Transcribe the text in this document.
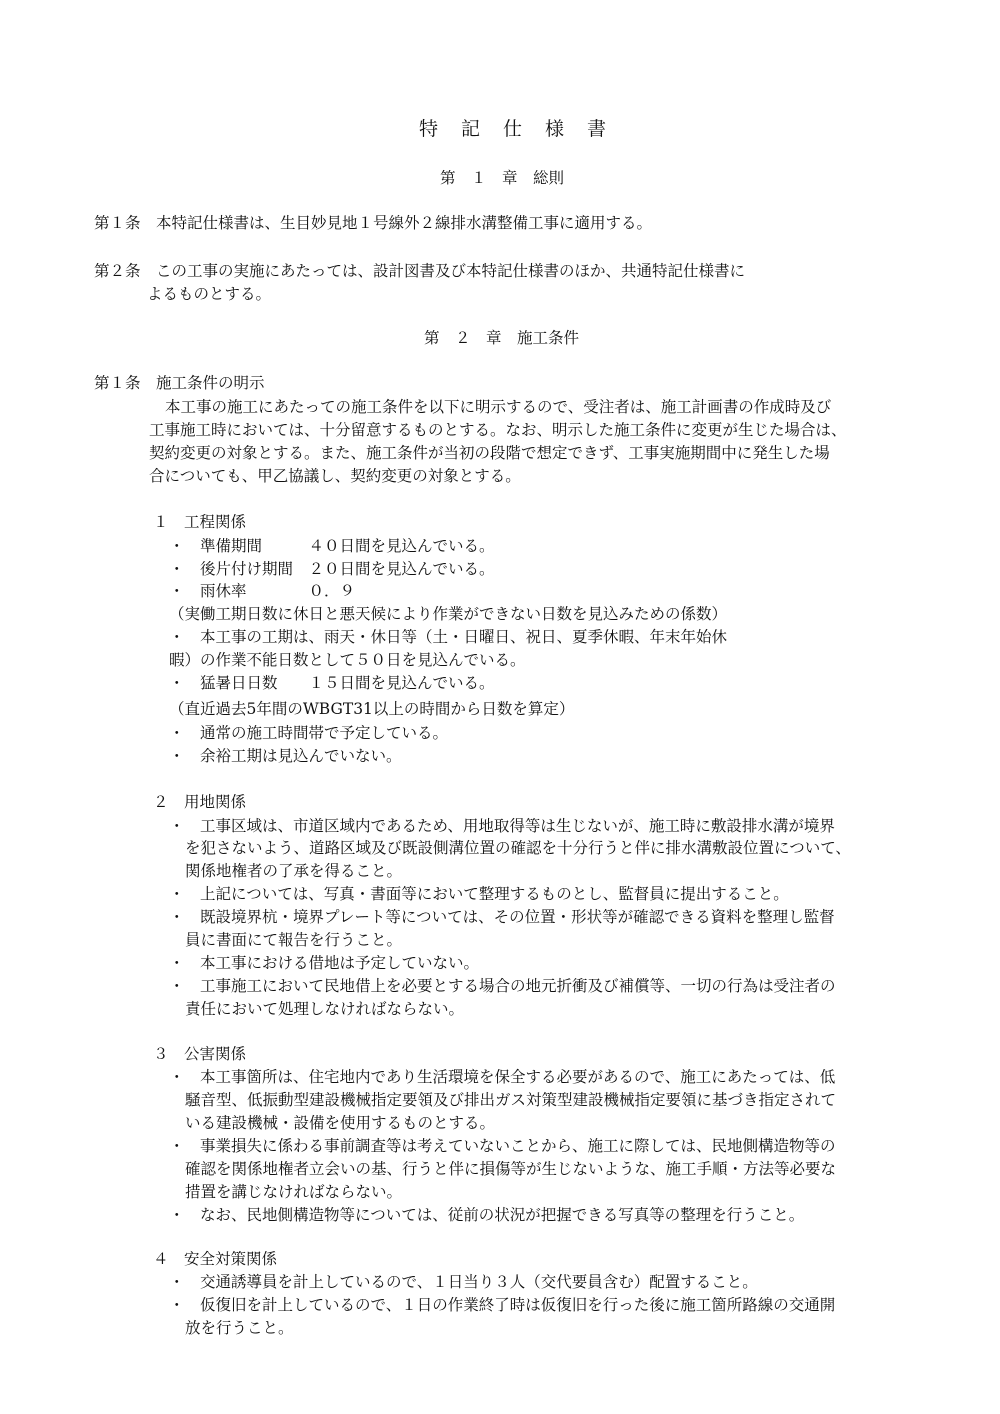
特　記　仕　様　書
第　１　章　総則
第１条　本特記仕様書は、生目妙見地１号線外２線排水溝整備工事に適用する。
第２条　この工事の実施にあたっては、設計図書及び本特記仕様書のほか、共通特記仕様書に
よるものとする。
第　２　章　施工条件
第１条　施工条件の明示
本工事の施工にあたっての施工条件を以下に明示するので、受注者は、施工計画書の作成時及び
工事施工時においては、十分留意するものとする。なお、明示した施工条件に変更が生じた場合は、
契約変更の対象とする。また、施工条件が当初の段階で想定できず、工事実施期間中に発生した場
合についても、甲乙協議し、契約変更の対象とする。
１　工程関係
・　準備期間　　　４０日間を見込んでいる。
・　後片付け期間　２０日間を見込んでいる。
・　雨休率　　　　０．９
（実働工期日数に休日と悪天候により作業ができない日数を見込みための係数）
・　本工事の工期は、雨天・休日等（土・日曜日、祝日、夏季休暇、年末年始休
暇）の作業不能日数として５０日を見込んでいる。
・　猛暑日日数　　１５日間を見込んでいる。
（直近過去5年間のWBGT31以上の時間から日数を算定）
・　通常の施工時間帯で予定している。
・　余裕工期は見込んでいない。
２　用地関係
・　工事区域は、市道区域内であるため、用地取得等は生じないが、施工時に敷設排水溝が境界
を犯さないよう、道路区域及び既設側溝位置の確認を十分行うと伴に排水溝敷設位置について、
関係地権者の了承を得ること。
・　上記については、写真・書面等において整理するものとし、監督員に提出すること。
・　既設境界杭・境界プレート等については、その位置・形状等が確認できる資料を整理し監督
員に書面にて報告を行うこと。
・　本工事における借地は予定していない。
・　工事施工において民地借上を必要とする場合の地元折衝及び補償等、一切の行為は受注者の
責任において処理しなければならない。
３　公害関係
・　本工事箇所は、住宅地内であり生活環境を保全する必要があるので、施工にあたっては、低
騒音型、低振動型建設機械指定要領及び排出ガス対策型建設機械指定要領に基づき指定されて
いる建設機械・設備を使用するものとする。
・　事業損失に係わる事前調査等は考えていないことから、施工に際しては、民地側構造物等の
確認を関係地権者立会いの基、行うと伴に損傷等が生じないような、施工手順・方法等必要な
措置を講じなければならない。
・　なお、民地側構造物等については、従前の状況が把握できる写真等の整理を行うこと。
４　安全対策関係
・　交通誘導員を計上しているので、１日当り３人（交代要員含む）配置すること。
・　仮復旧を計上しているので、１日の作業終了時は仮復旧を行った後に施工箇所路線の交通開
放を行うこと。
